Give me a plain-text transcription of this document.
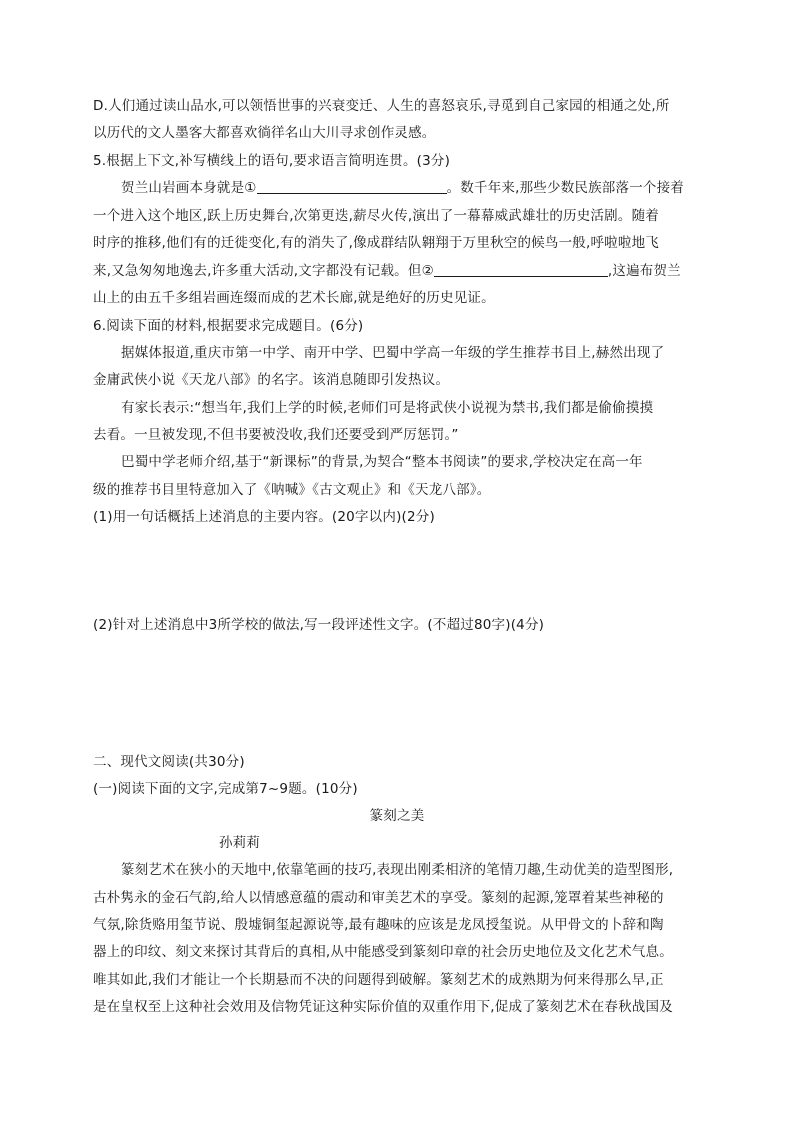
D.人们通过读山品水,可以领悟世事的兴衰变迁、人生的喜怒哀乐,寻觅到自己家园的相通之处,所
以历代的文人墨客大都喜欢徜徉名山大川寻求创作灵感。
5.根据上下文,补写横线上的语句,要求语言简明连贯。(3分)
贺兰山岩画本身就是①	。数千年来,那些少数民族部落一个接着
一个进入这个地区,跃上历史舞台,次第更迭,薪尽火传,演出了一幕幕威武雄壮的历史活剧。随着
时序的推移,他们有的迁徙变化,有的消失了,像成群结队翱翔于万里秋空的候鸟一般,呼啦啦地飞
来,又急匆匆地逸去,许多重大活动,文字都没有记载。但②	,这遍布贺兰
山上的由五千多组岩画连缀而成的艺术长廊,就是绝好的历史见证。
6.阅读下面的材料,根据要求完成题目。(6分)
据媒体报道,重庆市第一中学、南开中学、巴蜀中学高一年级的学生推荐书目上,赫然出现了
金庸武侠小说《天龙八部》的名字。该消息随即引发热议。
有家长表示:“想当年,我们上学的时候,老师们可是将武侠小说视为禁书,我们都是偷偷摸摸
去看。一旦被发现,不但书要被没收,我们还要受到严厉惩罚。”
巴蜀中学老师介绍,基于“新课标”的背景,为契合“整本书阅读”的要求,学校决定在高一年
级的推荐书目里特意加入了《呐喊》《古文观止》和《天龙八部》。
(1)用一句话概括上述消息的主要内容。(20字以内)(2分)
(2)针对上述消息中3所学校的做法,写一段评述性文字。(不超过80字)(4分)
二、现代文阅读(共30分)
(一)阅读下面的文字,完成第7~9题。(10分)
篆刻之美
孙莉莉
篆刻艺术在狭小的天地中,依靠笔画的技巧,表现出刚柔相济的笔情刀趣,生动优美的造型图形,
古朴隽永的金石气韵,给人以情感意蕴的震动和审美艺术的享受。篆刻的起源,笼罩着某些神秘的
气氛,除货赂用玺节说、殷墟铜玺起源说等,最有趣味的应该是龙凤授玺说。从甲骨文的卜辞和陶
器上的印纹、刻文来探讨其背后的真相,从中能感受到篆刻印章的社会历史地位及文化艺术气息。
唯其如此,我们才能让一个长期悬而不决的问题得到破解。篆刻艺术的成熟期为何来得那么早,正
是在皇权至上这种社会效用及信物凭证这种实际价值的双重作用下,促成了篆刻艺术在春秋战国及
